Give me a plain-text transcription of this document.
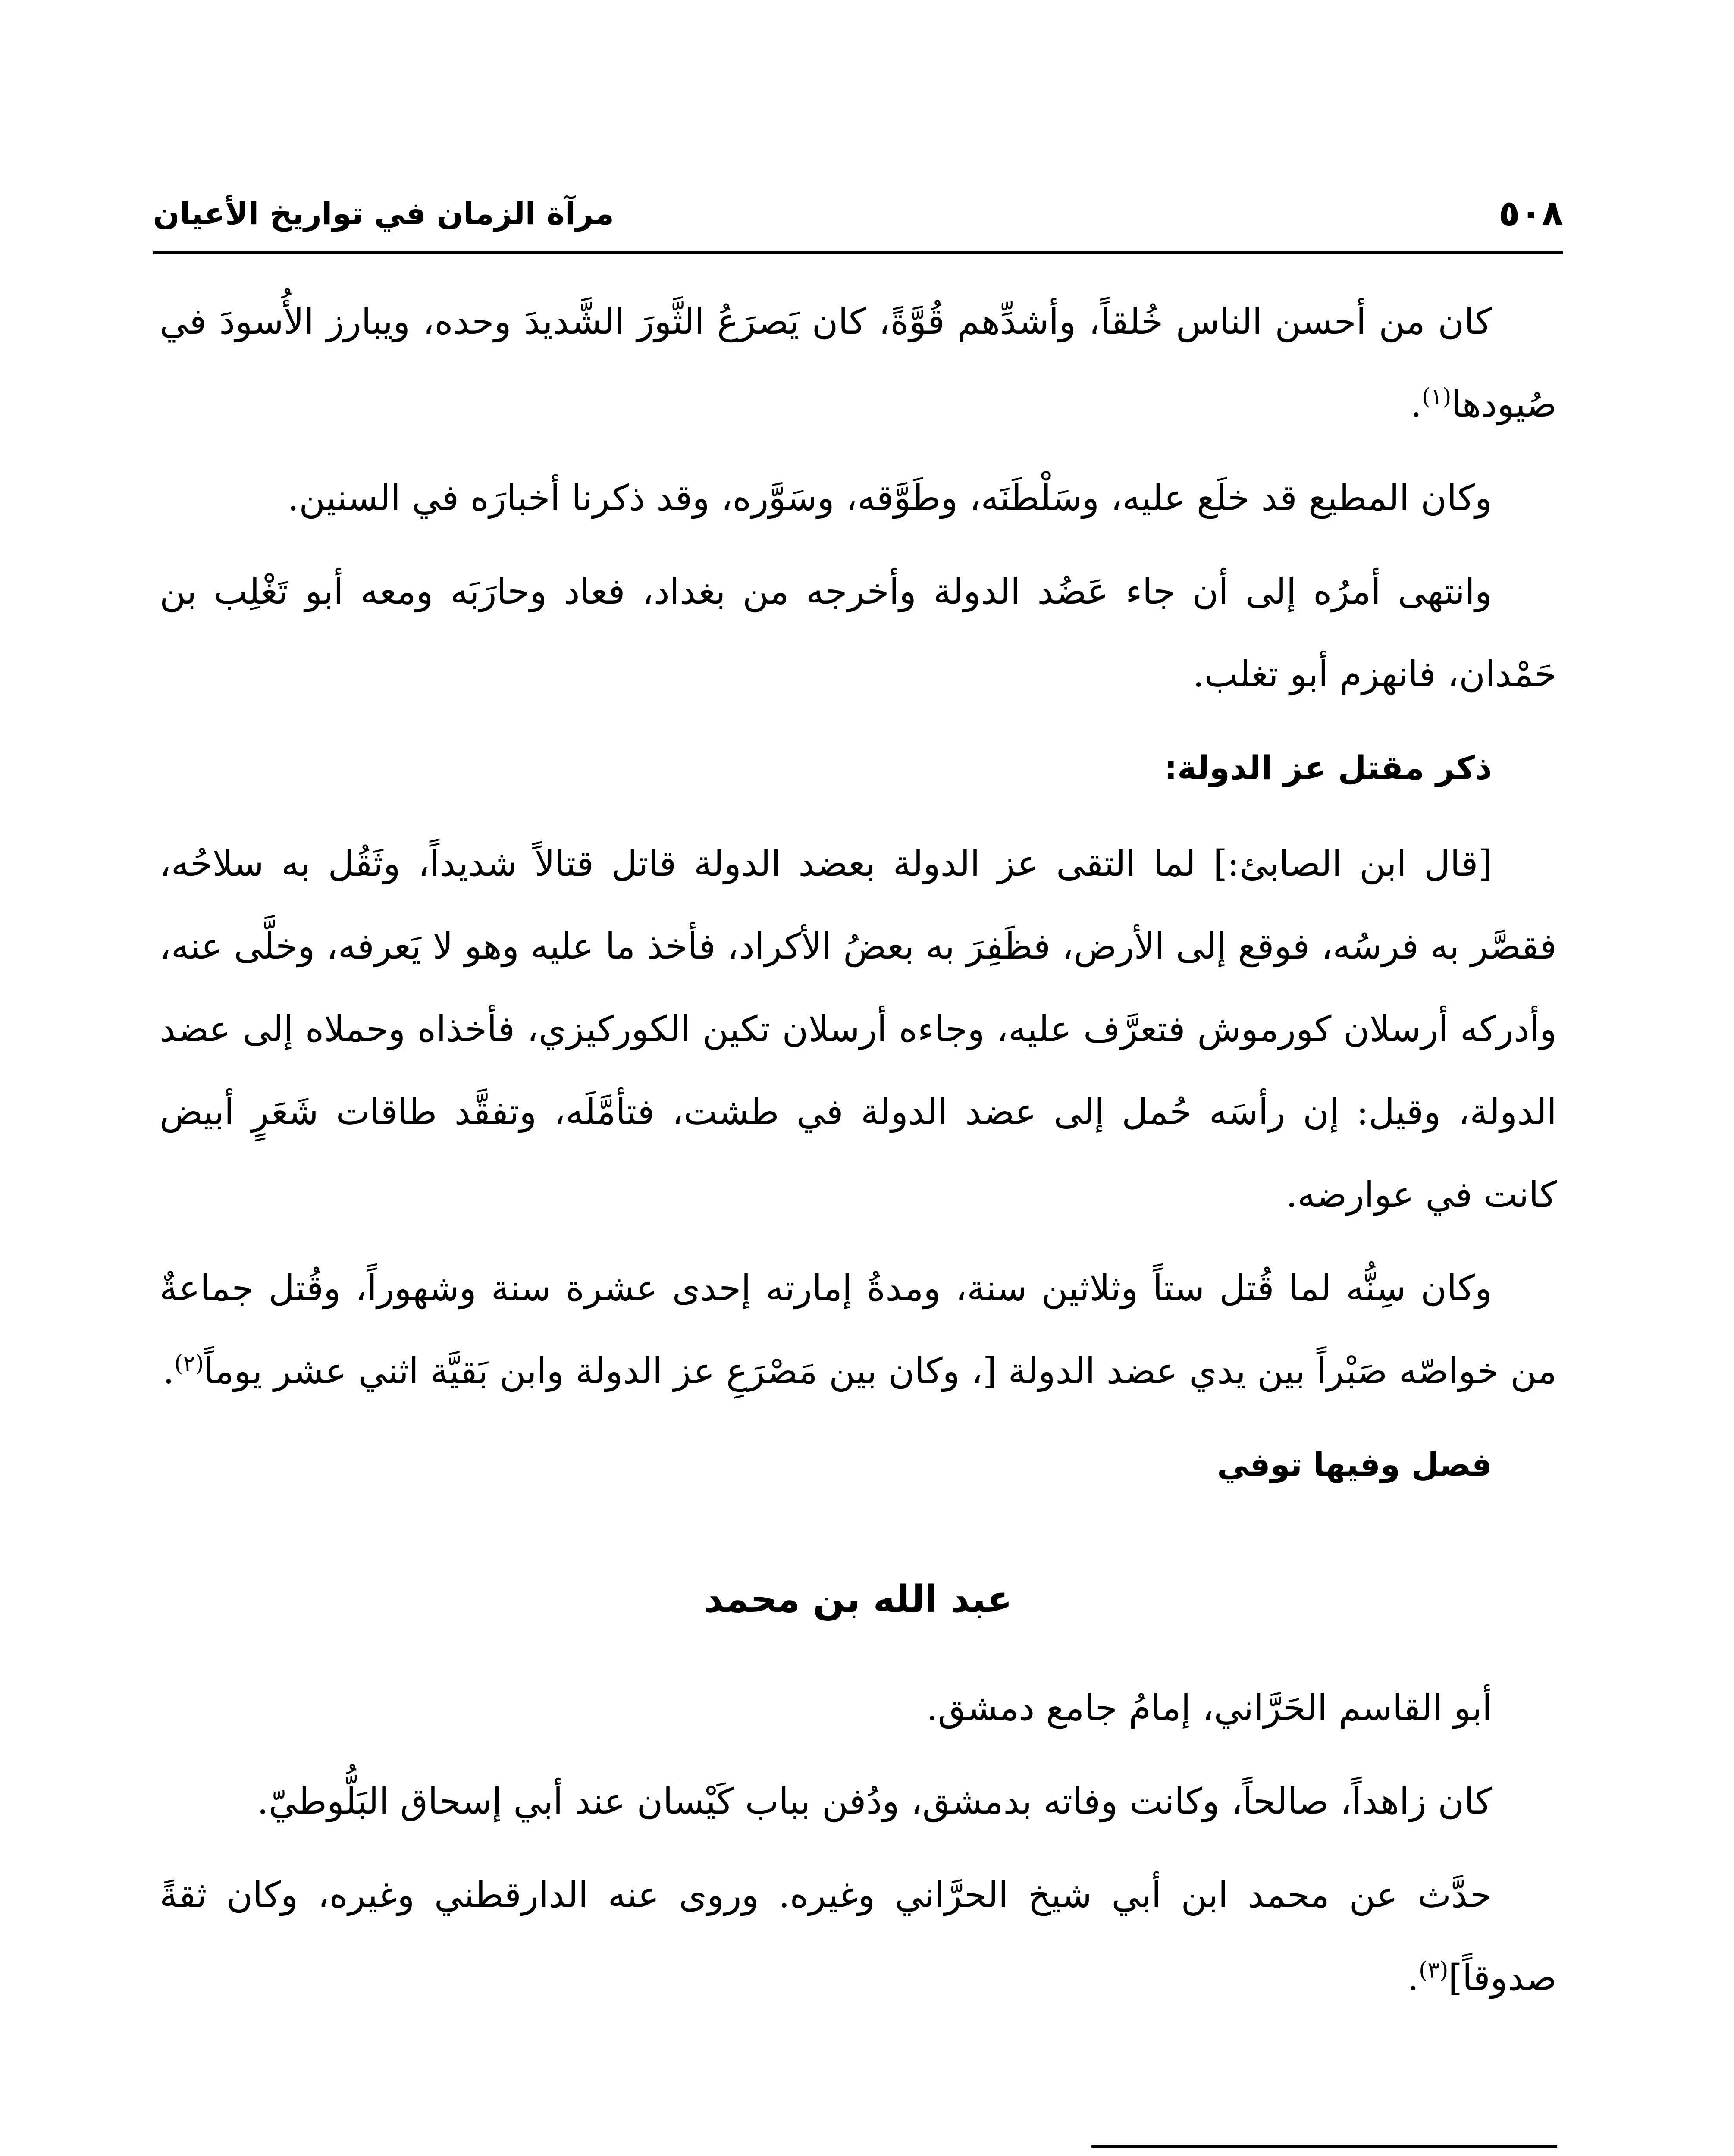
٥٠٨
مرآة الزمان في تواريخ الأعيان

كان من أحسن الناس خُلقاً، وأشدِّهم قُوَّةً، كان يَصرَعُ الثَّورَ الشَّديدَ وحده، ويبارز الأُسودَ في صُيودها$^{(١)}$.

وكان المطيع قد خلَع عليه، وسَلْطَنَه، وطَوَّقه، وسَوَّره، وقد ذكرنا أخبارَه في السنين.

وانتهى أمرُه إلى أن جاء عَضُد الدولة وأخرجه من بغداد، فعاد وحارَبَه ومعه أبو تَغْلِب بن حَمْدان، فانهزم أبو تغلب.

ذكر مقتل عز الدولة:

[قال ابن الصابئ:] لما التقى عز الدولة بعضد الدولة قاتل قتالاً شديداً، وثَقُل به سلاحُه، فقصَّر به فرسُه، فوقع إلى الأرض، فظَفِرَ به بعضُ الأكراد، فأخذ ما عليه وهو لا يَعرفه، وخلَّى عنه، وأدركه أرسلان كورموش فتعرَّف عليه، وجاءه أرسلان تكين الكوركيزي، فأخذاه وحملاه إلى عضد الدولة، وقيل: إن رأسَه حُمل إلى عضد الدولة في طشت، فتأمَّلَه، وتفقَّد طاقات شَعَرٍ أبيض كانت في عوارضه.

وكان سِنُّه لما قُتل ستاً وثلاثين سنة، ومدةُ إمارته إحدى عشرة سنة وشهوراً، وقُتل جماعةٌ من خواصّه صَبْراً بين يدي عضد الدولة [، وكان بين مَصْرَعِ عز الدولة وابن بَقيَّة اثني عشر يوماً$^{(٢)}$.

فصل وفيها توفي

عبد الله بن محمد

أبو القاسم الحَرَّاني، إمامُ جامع دمشق.

كان زاهداً، صالحاً، وكانت وفاته بدمشق، ودُفن بباب كَيْسان عند أبي إسحاق البَلُّوطيّ.

حدَّث عن محمد ابن أبي شيخ الحرَّاني وغيره. وروى عنه الدارقطني وغيره، وكان ثقةً صدوقاً]$^{(٣)}$.
